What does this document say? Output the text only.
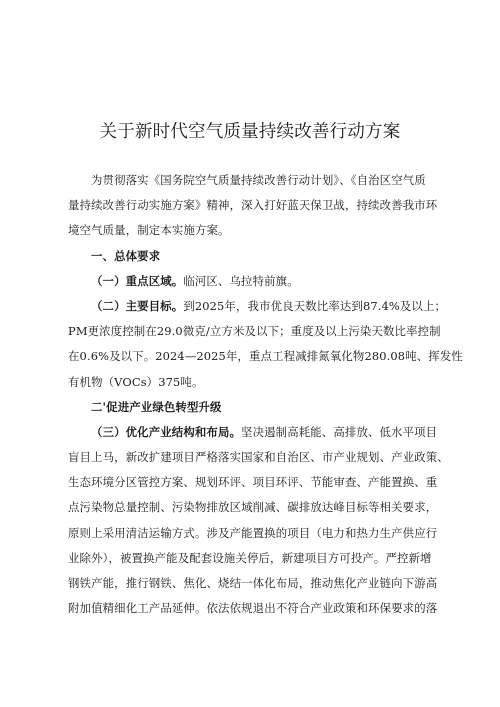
关于新时代空气质量持续改善行动方案
为贯彻落实《国务院空气质量持续改善行动计划》、《自治区空气质
量持续改善行动实施方案》精神，深入打好蓝天保卫战，持续改善我市环
境空气质量，制定本实施方案。
一、总体要求
（一）重点区域。临河区、乌拉特前旗。
（二）主要目标。到2025年，我市优良天数比率达到87.4%及以上；
PM更浓度控制在29.0微克/立方米及以下；重度及以上污染天数比率控制
在0.6%及以下。2024—2025年，重点工程减排氮氧化物280.08吨、挥发性
有机物（VOCs）375吨。
二'促进产业绿色转型升级
（三）优化产业结构和布局。坚决遏制高耗能、高排放、低水平项目
盲目上马，新改扩建项目严格落实国家和自治区、市产业规划、产业政策、
生态环境分区管控方案、规划环评、项目环评、节能审查、产能置换、重
点污染物总量控制、污染物排放区域削减、碳排放达峰目标等相关要求，
原则上采用清洁运输方式。涉及产能置换的项目（电力和热力生产供应行
业除外），被置换产能及配套设施关停后，新建项目方可投产。严控新增
钢铁产能，推行钢铁、焦化、烧结一体化布局，推动焦化产业链向下游高
附加值精细化工产品延伸。依法依规退出不符合产业政策和环保要求的落
